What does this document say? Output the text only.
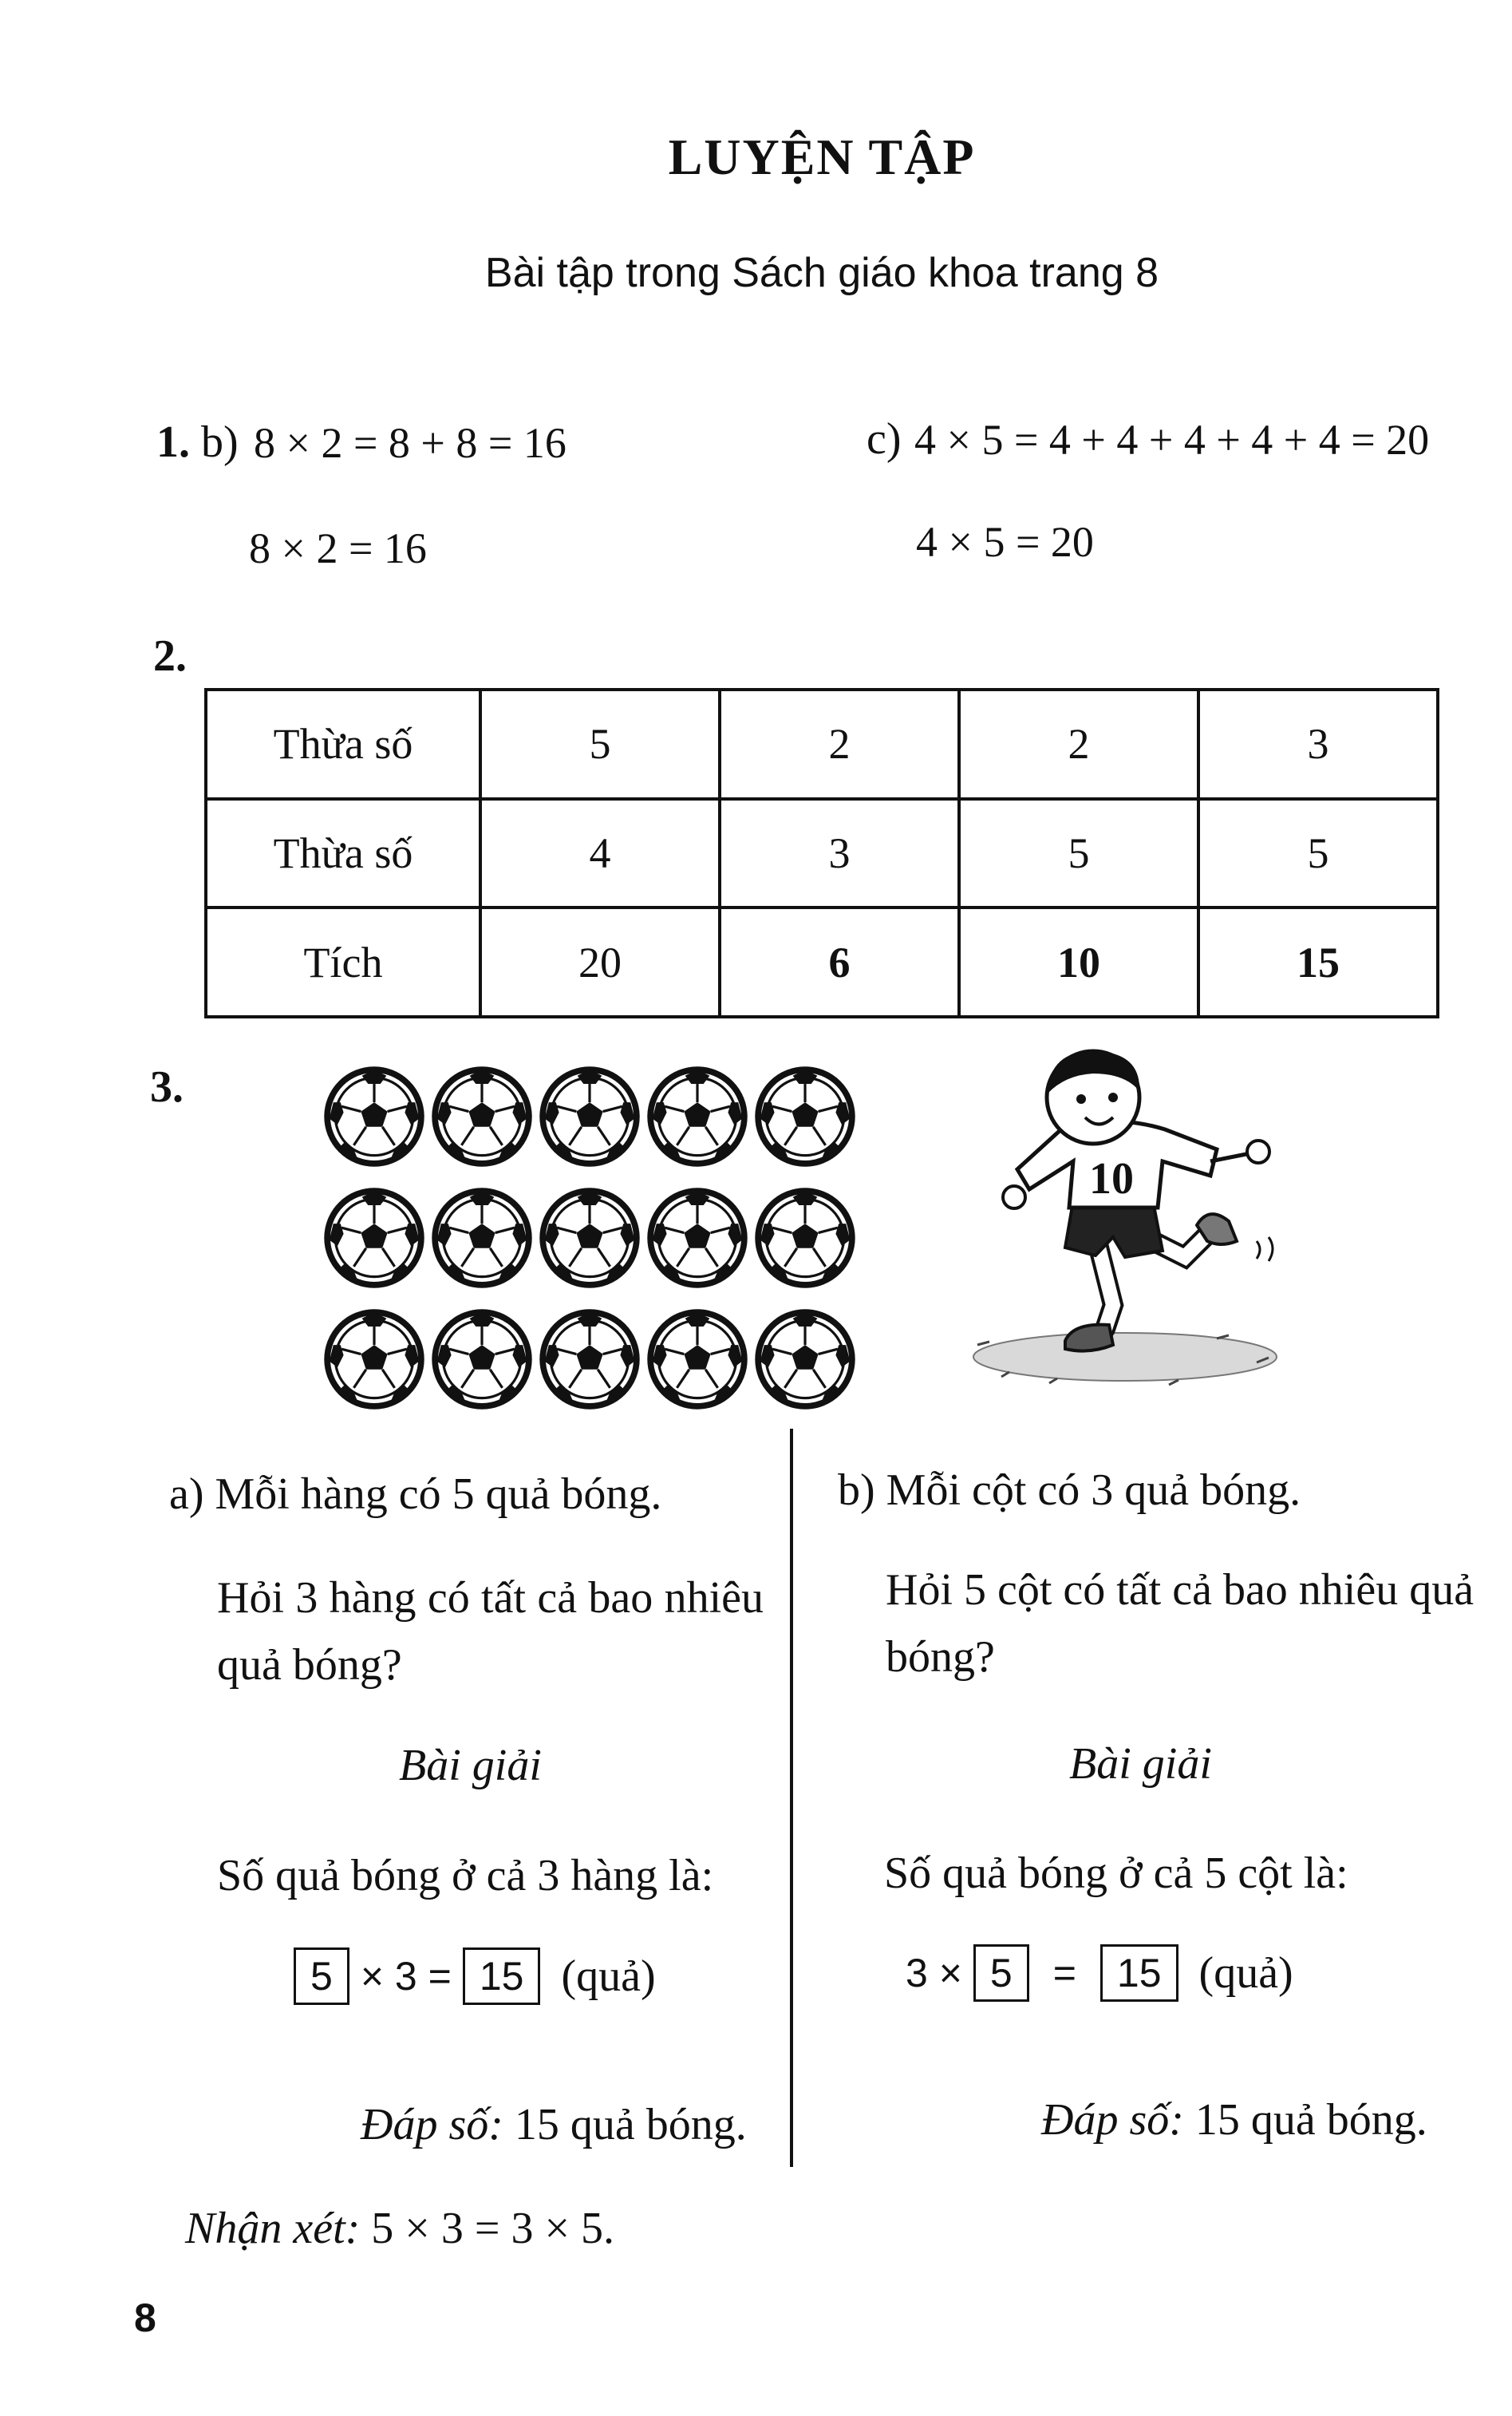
LUYỆN TẬP
Bài tập trong Sách giáo khoa trang 8
1. b) 8 × 2 = 8 + 8 = 16
8 × 2 = 16
c) 4 × 5 = 4 + 4 + 4 + 4 + 4 = 20
4 × 5 = 20
2.
Thừa số	5	2	2	3
Thừa số	4	3	5	5
Tích	20	6	10	15
3.
10
a) Mỗi hàng có 5 quả bóng.
Hỏi 3 hàng có tất cả bao nhiêu quả bóng?
Bài giải
Số quả bóng ở cả 3 hàng là:
5 × 3 = 15 (quả)
Đáp số: 15 quả bóng.
b) Mỗi cột có 3 quả bóng.
Hỏi 5 cột có tất cả bao nhiêu quả bóng?
Bài giải
Số quả bóng ở cả 5 cột là:
3 × 5 = 15 (quả)
Đáp số: 15 quả bóng.
Nhận xét: 5 × 3 = 3 × 5.
8
